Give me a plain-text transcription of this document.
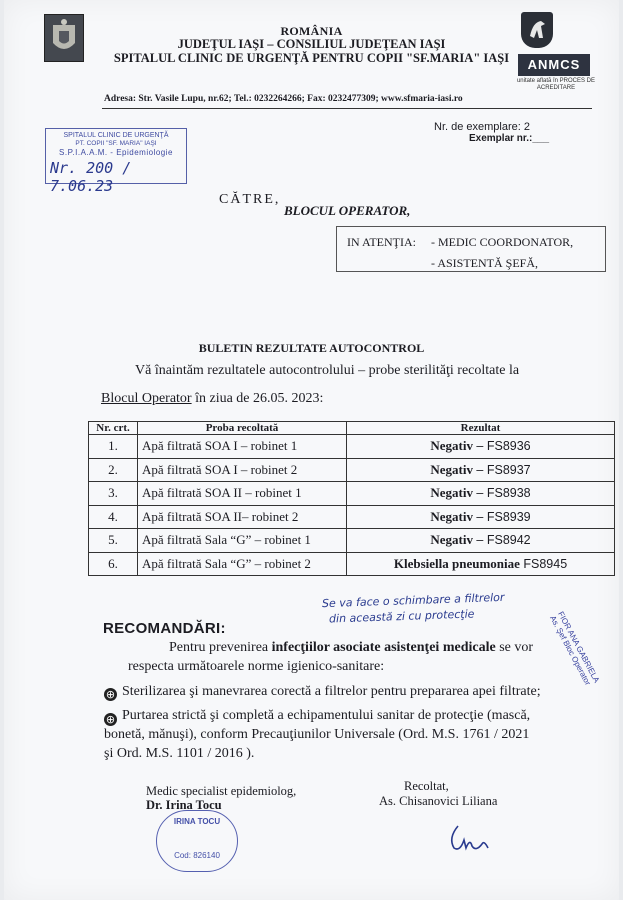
ROMÂNIA
JUDEŢUL IAŞI – CONSILIUL JUDEŢEAN IAŞI
SPITALUL CLINIC DE URGENŢĂ PENTRU COPII "SF.MARIA" IAŞI	ANMCS
unitate aflată în PROCES DE ACREDITARE
Adresa: Str. Vasile Lupu, nr.62; Tel.: 0232264266; Fax: 0232477309; www.sfmaria-iasi.ro
SPITALUL CLINIC DE URGENŢĂ
PT. COPII "SF. MARIA" IAŞI
S.P.I.A.A.M. - Epidemiologie
Nr. 200 / 7.06.23
Nr. de exemplare: 2
Exemplar nr.:___
CĂTRE,
BLOCUL OPERATOR,
IN ATENŢIA: - MEDIC COORDONATOR,
- ASISTENTĂ ŞEFĂ,
BULETIN REZULTATE AUTOCONTROL
Vă înaintăm rezultatele autocontrolului – probe sterilităţi recoltate la
Blocul Operator în ziua de 26.05. 2023:
Nr. crt.	Proba recoltată	Rezultat
1.	Apă filtrată SOA I – robinet 1	Negativ – FS8936
2.	Apă filtrată SOA I – robinet 2	Negativ – FS8937
3.	Apă filtrată SOA II – robinet 1	Negativ – FS8938
4.	Apă filtrată SOA II– robinet 2	Negativ – FS8939
5.	Apă filtrată Sala “G” – robinet 1	Negativ – FS8942
6.	Apă filtrată Sala “G” – robinet 2	Klebsiella pneumoniae FS8945
Se va face o schimbare a filtrelor
din această zi cu protecţie	FIOR ANA GABRIELA As. Şef Bloc Operator
RECOMANDĂRI:
Pentru prevenirea infecţiilor asociate asistenţei medicale se vor
respecta următoarele norme igienico-sanitare:
⊕ Sterilizarea şi manevrarea corectă a filtrelor pentru prepararea apei filtrate;
⊕ Purtarea strictă şi completă a echipamentului sanitar de protecţie (mască,
bonetă, mănuşi), conform Precauţiunilor Universale (Ord. M.S. 1761 / 2021
şi Ord. M.S. 1101 / 2016 ).
Medic specialist epidemiolog,
Dr. Irina Tocu
Recoltat,
As. Chisanovici Liliana
IRINA TOCU
Cod: 826140
